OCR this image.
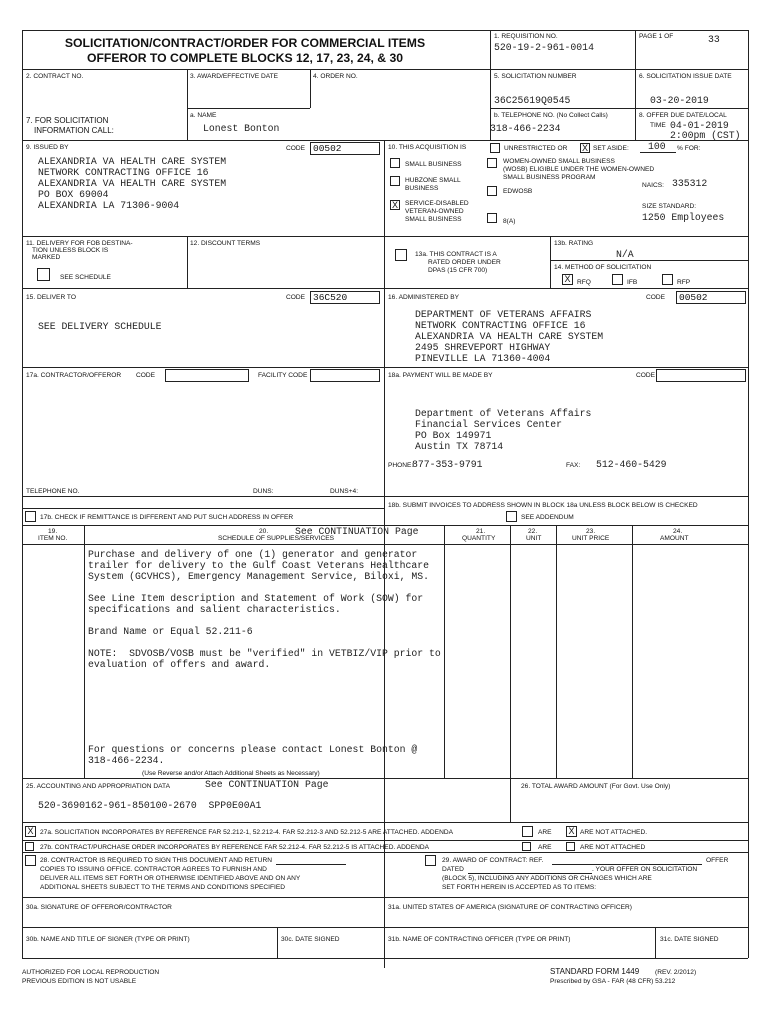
SOLICITATION/CONTRACT/ORDER FOR COMMERCIAL ITEMS
OFFEROR TO COMPLETE BLOCKS 12, 17, 23, 24, & 30
1. REQUISITION NO.
520-19-2-961-0014
PAGE 1 OF	33
2. CONTRACT NO.	3. AWARD/EFFECTIVE DATE	4. ORDER NO.	5. SOLICITATION NUMBER
36C25619Q0545
6. SOLICITATION ISSUE DATE
03-20-2019
7. FOR SOLICITATION
INFORMATION CALL:
a. NAME
Lonest Bonton
b. TELEPHONE NO. (No Collect Calls)
318-466-2234
8. OFFER DUE DATE/LOCAL
TIME 04-01-2019
2:00pm (CST)
9. ISSUED BY	CODE 00502
ALEXANDRIA VA HEALTH CARE SYSTEM
NETWORK CONTRACTING OFFICE 16
ALEXANDRIA VA HEALTH CARE SYSTEM
PO BOX 69004
ALEXANDRIA LA 71306-9004
10. THIS ACQUISITION IS	UNRESTRICTED OR X SET ASIDE: 100 % FOR:
SMALL BUSINESS
HUBZONE SMALL
BUSINESS
X	SERVICE-DISABLED
VETERAN-OWNED
SMALL BUSINESS
WOMEN-OWNED SMALL BUSINESS
(WOSB) ELIGIBLE UNDER THE WOMEN-OWNED
SMALL BUSINESS PROGRAM
EDWOSB
8(A)
NAICS: 335312
SIZE STANDARD:
1250 Employees
11. DELIVERY FOR FOB DESTINA-
TION UNLESS BLOCK IS
MARKED
SEE SCHEDULE
12. DISCOUNT TERMS
13a. THIS CONTRACT IS A
RATED ORDER UNDER
DPAS (15 CFR 700)
13b. RATING
N/A
14. METHOD OF SOLICITATION
X RFQ	IFB	RFP
15. DELIVER TO	CODE 36C520
SEE DELIVERY SCHEDULE
16. ADMINISTERED BY	CODE	00502
DEPARTMENT OF VETERANS AFFAIRS
NETWORK CONTRACTING OFFICE 16
ALEXANDRIA VA HEALTH CARE SYSTEM
2495 SHREVEPORT HIGHWAY
PINEVILLE LA 71360-4004
17a. CONTRACTOR/OFFEROR CODE	FACILITY CODE
TELEPHONE NO.	DUNS:	DUNS+4:
17b. CHECK IF REMITTANCE IS DIFFERENT AND PUT SUCH ADDRESS IN OFFER
18a. PAYMENT WILL BE MADE BY	CODE
Department of Veterans Affairs
Financial Services Center
PO Box 149971
Austin TX 78714
PHONE:
877-353-9791	FAX: 512-460-5429
18b. SUBMIT INVOICES TO ADDRESS SHOWN IN BLOCK 18a UNLESS BLOCK BELOW IS CHECKED
SEE ADDENDUM
19.
ITEM NO.
20.
SCHEDULE OF SUPPLIES/SERVICES
See CONTINUATION Page	21.
QUANTITY
22.
UNIT
23.
UNIT PRICE
24.
AMOUNT
Purchase and delivery of one (1) generator and generator
trailer for delivery to the Gulf Coast Veterans Healthcare
System (GCVHCS), Emergency Management Service, Biloxi, MS.
See Line Item description and Statement of Work (SOW) for
specifications and salient characteristics.
Brand Name or Equal 52.211-6
NOTE:  SDVOSB/VOSB must be "verified" in VETBIZ/VIP prior to
evaluation of offers and award.
For questions or concerns please contact Lonest Bonton @
318-466-2234.
(Use Reverse and/or Attach Additional Sheets as Necessary)
25. ACCOUNTING AND APPROPRIATION DATA	See CONTINUATION Page
520-3690162-961-850100-2670  SPP0E00A1
26. TOTAL AWARD AMOUNT (For Govt. Use Only)
X 27a. SOLICITATION INCORPORATES BY REFERENCE FAR 52.212-1, 52.212-4. FAR 52.212-3 AND 52.212-5 ARE ATTACHED. ADDENDA	ARE X ARE NOT ATTACHED.
27b. CONTRACT/PURCHASE ORDER INCORPORATES BY REFERENCE FAR 52.212-4. FAR 52.212-5 IS ATTACHED. ADDENDA	ARE	ARE NOT ATTACHED
28. CONTRACTOR IS REQUIRED TO SIGN THIS DOCUMENT AND RETURN
COPIES TO ISSUING OFFICE. CONTRACTOR AGREES TO FURNISH AND
DELIVER ALL ITEMS SET FORTH OR OTHERWISE IDENTIFIED ABOVE AND ON ANY
ADDITIONAL SHEETS SUBJECT TO THE TERMS AND CONDITIONS SPECIFIED
29. AWARD OF CONTRACT: REF.	OFFER
DATED	. YOUR OFFER ON SOLICITATION
(BLOCK 5), INCLUDING ANY ADDITIONS OR CHANGES WHICH ARE
SET FORTH HEREIN IS ACCEPTED AS TO ITEMS:
30a. SIGNATURE OF OFFEROR/CONTRACTOR	31a. UNITED STATES OF AMERICA (SIGNATURE OF CONTRACTING OFFICER)
30b. NAME AND TITLE OF SIGNER (TYPE OR PRINT)	30c. DATE SIGNED	31b. NAME OF CONTRACTING OFFICER (TYPE OR PRINT)	31c. DATE SIGNED
AUTHORIZED FOR LOCAL REPRODUCTION
PREVIOUS EDITION IS NOT USABLE
STANDARD FORM 1449 (REV. 2/2012)
Prescribed by GSA - FAR (48 CFR) 53.212
